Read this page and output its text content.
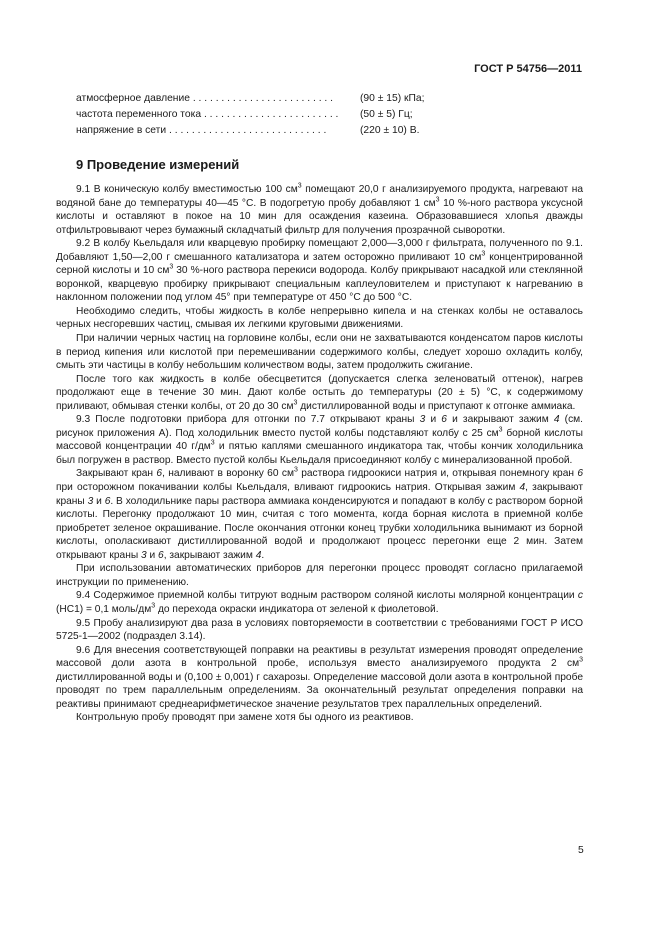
ГОСТ Р 54756—2011
атмосферное давление . . . . . . . . . . . . . . . . . . . . . . . . .	(90 ± 15) кПа;
частота переменного тока . . . . . . . . . . . . . . . . . . . . . . . . (50 ± 5) Гц;
напряжение в сети . . . . . . . . . . . . . . . . . . . . . . . . . . . .	(220 ± 10) В.
9 Проведение измерений

9.1 В коническую колбу вместимостью 100 $см^3$ помещают 20,0 г анализируемого продукта, нагревают на водяной бане до температуры 40—45 °С. В подогретую пробу добавляют 1 $см^3$ 10 %-ного раствора уксусной кислоты и оставляют в покое на 10 мин для осаждения казеина. Образовавшиеся хлопья дважды отфильтровывают через бумажный складчатый фильтр для получения прозрачной сыворотки.

9.2 В колбу Кьельдаля или кварцевую пробирку помещают 2,000—3,000 г фильтрата, полученного по 9.1. Добавляют 1,50—2,00 г смешанного катализатора и затем осторожно приливают 10 $см^3$ концентрированной серной кислоты и 10 $см^3$ 30 %-ного раствора перекиси водорода. Колбу прикрывают насадкой или стеклянной воронкой, кварцевую пробирку прикрывают специальным каплеуловителем и приступают к нагреванию в наклонном положении под углом 45° при температуре от 450 °С до 500 °С.

Необходимо следить, чтобы жидкость в колбе непрерывно кипела и на стенках колбы не оставалось черных несгоревших частиц, смывая их легкими круговыми движениями.

При наличии черных частиц на горловине колбы, если они не захватываются конденсатом паров кислоты в период кипения или кислотой при перемешивании содержимого колбы, следует хорошо охладить колбу, смыть эти частицы в колбу небольшим количеством воды, затем продолжить сжигание.

После того как жидкость в колбе обесцветится (допускается слегка зеленоватый оттенок), нагрев продолжают еще в течение 30 мин. Дают колбе остыть до температуры (20 ± 5) °С, к содержимому приливают, обмывая стенки колбы, от 20 до 30 $см^3$ дистиллированной воды и приступают к отгонке аммиака.

9.3 После подготовки прибора для отгонки по 7.7 открывают краны 3 и 6 и закрывают зажим 4 (см. рисунок приложения А). Под холодильник вместо пустой колбы подставляют колбу с 25 $см^3$ борной кислоты массовой концентрации 40 $г/дм^3$ и пятью каплями смешанного индикатора так, чтобы кончик холодильника был погружен в раствор. Вместо пустой колбы Кьельдаля присоединяют колбу с минерализованной пробой.

Закрывают кран 6, наливают в воронку 60 $см^3$ раствора гидроокиси натрия и, открывая понемногу кран 6 при осторожном покачивании колбы Кьельдаля, вливают гидроокись натрия. Открывая зажим 4, закрывают краны 3 и 6. В холодильнике пары раствора аммиака конденсируются и попадают в колбу с раствором борной кислоты. Перегонку продолжают 10 мин, считая с того момента, когда борная кислота в приемной колбе приобретет зеленое окрашивание. После окончания отгонки конец трубки холодильника вынимают из борной кислоты, ополаскивают дистиллированной водой и продолжают процесс перегонки еще 2 мин. Затем открывают краны 3 и 6, закрывают зажим 4.

При использовании автоматических приборов для перегонки процесс проводят согласно прилагаемой инструкции по применению.

9.4 Содержимое приемной колбы титруют водным раствором соляной кислоты молярной концентрации с (НС1) = 0,1 моль/$дм^3$ до перехода окраски индикатора от зеленой к фиолетовой.

9.5 Пробу анализируют два раза в условиях повторяемости в соответствии с требованиями ГОСТ Р ИСО 5725-1—2002 (подраздел 3.14).

9.6 Для внесения соответствующей поправки на реактивы в результат измерения проводят определение массовой доли азота в контрольной пробе, используя вместо анализируемого продукта 2 $см^3$ дистиллированной воды и (0,100 ± 0,001) г сахарозы. Определение массовой доли азота в контрольной пробе проводят по трем параллельным определениям. За окончательный результат определения поправки на реактивы принимают среднеарифметическое значение результатов трех параллельных определений.

Контрольную пробу проводят при замене хотя бы одного из реактивов.

5
